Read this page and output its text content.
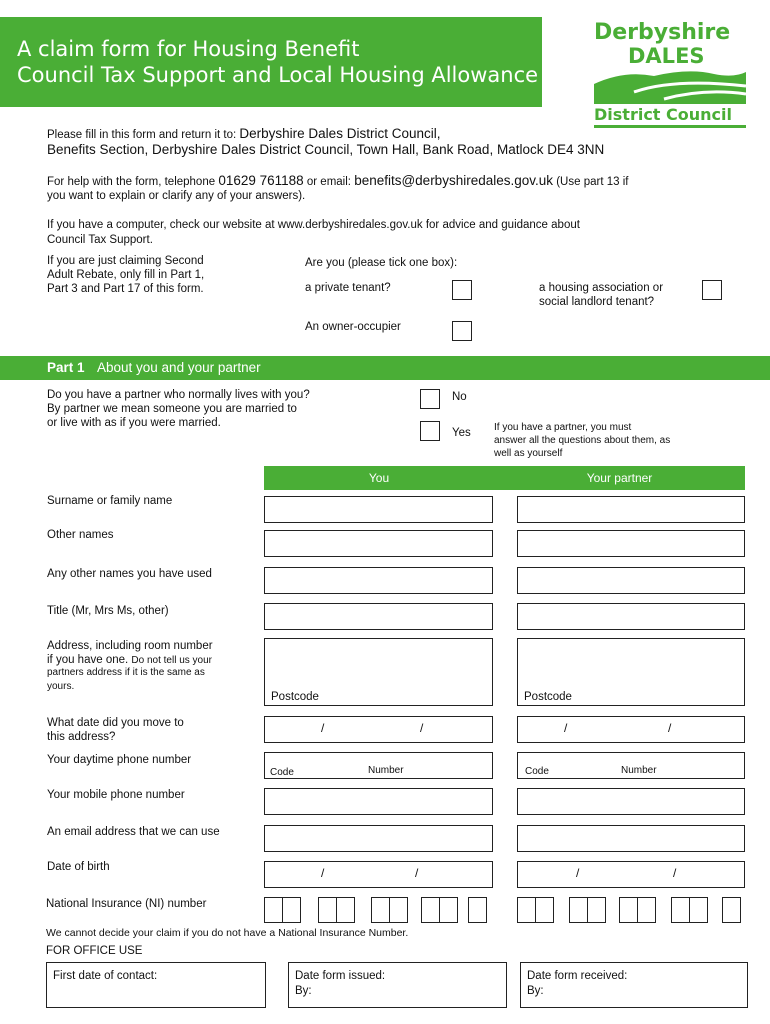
A claim form for Housing Benefit
Council Tax Support and Local Housing Allowance
Derbyshire
DALES
District Council
Please fill in this form and return it to: Derbyshire Dales District Council,
Benefits Section, Derbyshire Dales District Council, Town Hall, Bank Road, Matlock DE4 3NN
For help with the form, telephone 01629 761188 or email: benefits@derbyshiredales.gov.uk (Use part 13 if
you want to explain or clarify any of your answers).
If you have a computer, check our website at www.derbyshiredales.gov.uk for advice and guidance about
Council Tax Support.
If you are just claiming Second
Adult Rebate, only fill in Part 1,
Part 3 and Part 17 of this form.
Are you (please tick one box):
a private tenant?	a housing association or
social landlord tenant?
An owner-occupier
Part 1 About you and your partner
Do you have a partner who normally lives with you?
By partner we mean someone you are married to
or live with as if you were married.
No
Yes If you have a partner, you must
answer all the questions about them, as
well as yourself
You	Your partner
Surname or family name
Other names
Any other names you have used
Title (Mr, Mrs Ms, other)
Address, including room number
if you have one. Do not tell us your
partners address if it is the same as
yours.
Postcode	Postcode
What date did you move to
this address?
/	/	/	/
Your daytime phone number
Code	Number	Code	Number
Your mobile phone number
An email address that we can use
Date of birth	/	/	/	/
National Insurance (NI) number
We cannot decide your claim if you do not have a National Insurance Number.
FOR OFFICE USE
First date of contact:	Date form issued:
By:
Date form received:
By:
